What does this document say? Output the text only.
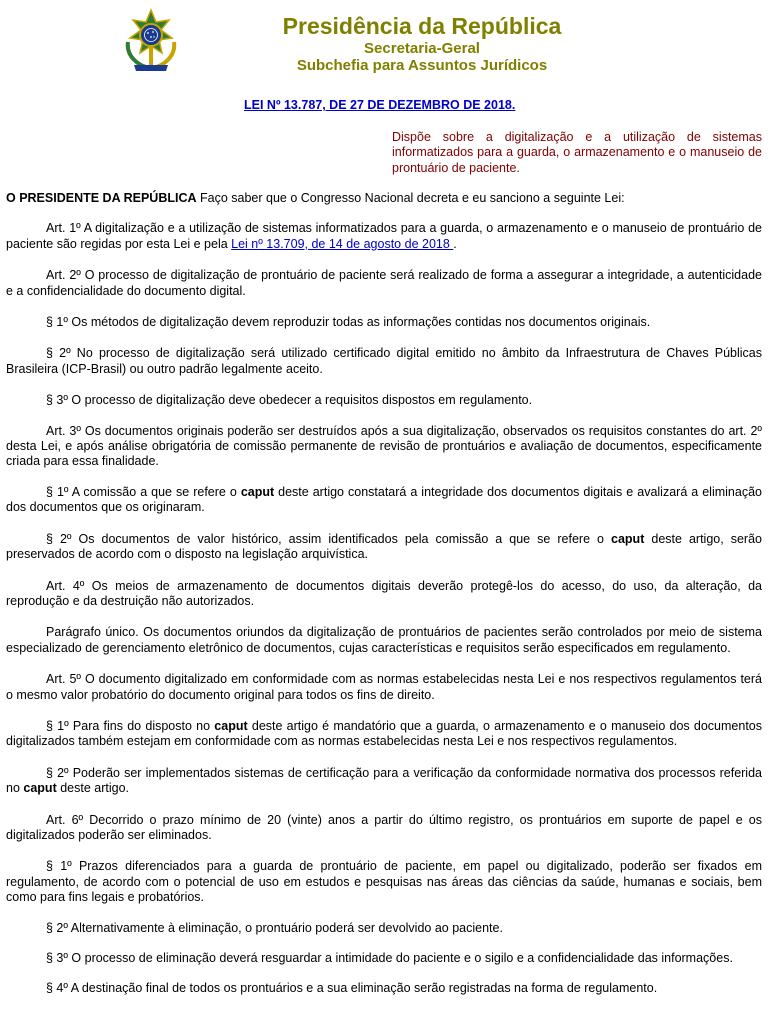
Presidência da República
Secretaria-Geral
Subchefia para Assuntos Jurídicos
LEI Nº 13.787, DE 27 DE DEZEMBRO DE 2018.
Dispõe sobre a digitalização e a utilização de sistemas informatizados para a guarda, o armazenamento e o manuseio de prontuário de paciente.

O PRESIDENTE DA REPÚBLICA Faço saber que o Congresso Nacional decreta e eu sanciono a seguinte Lei:

Art. 1º A digitalização e a utilização de sistemas informatizados para a guarda, o armazenamento e o manuseio de prontuário de paciente são regidas por esta Lei e pela Lei nº 13.709, de 14 de agosto de 2018 .

Art. 2º O processo de digitalização de prontuário de paciente será realizado de forma a assegurar a integridade, a autenticidade e a confidencialidade do documento digital.

§ 1º Os métodos de digitalização devem reproduzir todas as informações contidas nos documentos originais.

§ 2º No processo de digitalização será utilizado certificado digital emitido no âmbito da Infraestrutura de Chaves Públicas Brasileira (ICP-Brasil) ou outro padrão legalmente aceito.

§ 3º O processo de digitalização deve obedecer a requisitos dispostos em regulamento.

Art. 3º Os documentos originais poderão ser destruídos após a sua digitalização, observados os requisitos constantes do art. 2º desta Lei, e após análise obrigatória de comissão permanente de revisão de prontuários e avaliação de documentos, especificamente criada para essa finalidade.

§ 1º A comissão a que se refere o caput deste artigo constatará a integridade dos documentos digitais e avalizará a eliminação dos documentos que os originaram.

§ 2º Os documentos de valor histórico, assim identificados pela comissão a que se refere o caput deste artigo, serão preservados de acordo com o disposto na legislação arquivística.

Art. 4º Os meios de armazenamento de documentos digitais deverão protegê-los do acesso, do uso, da alteração, da reprodução e da destruição não autorizados.

Parágrafo único. Os documentos oriundos da digitalização de prontuários de pacientes serão controlados por meio de sistema especializado de gerenciamento eletrônico de documentos, cujas características e requisitos serão especificados em regulamento.

Art. 5º O documento digitalizado em conformidade com as normas estabelecidas nesta Lei e nos respectivos regulamentos terá o mesmo valor probatório do documento original para todos os fins de direito.

§ 1º Para fins do disposto no caput deste artigo é mandatório que a guarda, o armazenamento e o manuseio dos documentos digitalizados também estejam em conformidade com as normas estabelecidas nesta Lei e nos respectivos regulamentos.

§ 2º Poderão ser implementados sistemas de certificação para a verificação da conformidade normativa dos processos referida no caput deste artigo.

Art. 6º Decorrido o prazo mínimo de 20 (vinte) anos a partir do último registro, os prontuários em suporte de papel e os digitalizados poderão ser eliminados.

§ 1º Prazos diferenciados para a guarda de prontuário de paciente, em papel ou digitalizado, poderão ser fixados em regulamento, de acordo com o potencial de uso em estudos e pesquisas nas áreas das ciências da saúde, humanas e sociais, bem como para fins legais e probatórios.

§ 2º Alternativamente à eliminação, o prontuário poderá ser devolvido ao paciente.

§ 3º O processo de eliminação deverá resguardar a intimidade do paciente e o sigilo e a confidencialidade das informações.

§ 4º A destinação final de todos os prontuários e a sua eliminação serão registradas na forma de regulamento.
